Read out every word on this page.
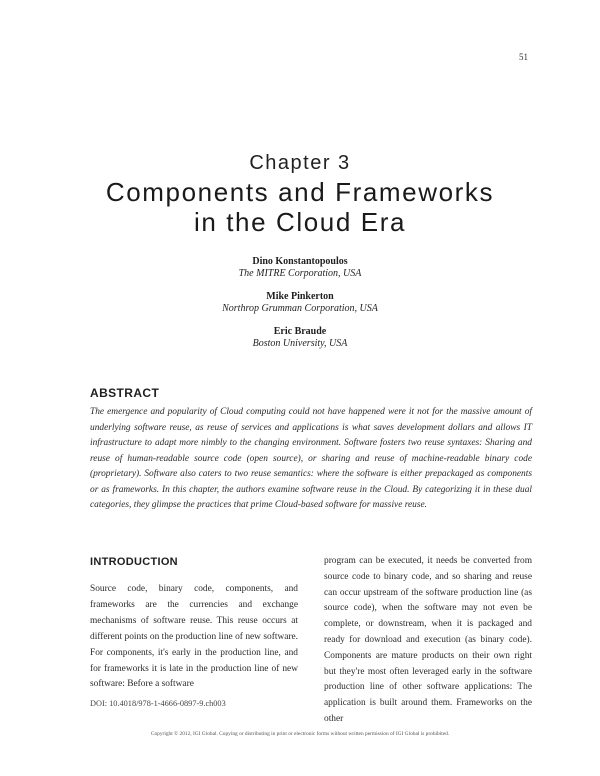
51
Chapter 3
Components and Frameworks
in the Cloud Era
Dino Konstantopoulos
The MITRE Corporation, USA
Mike Pinkerton
Northrop Grumman Corporation, USA
Eric Braude
Boston University, USA
ABSTRACT

The emergence and popularity of Cloud computing could not have happened were it not for the massive amount of underlying software reuse, as reuse of services and applications is what saves development dollars and allows IT infrastructure to adapt more nimbly to the changing environment. Software fosters two reuse syntaxes: Sharing and reuse of human-readable source code (open source), or sharing and reuse of machine-readable binary code (proprietary). Software also caters to two reuse semantics: where the software is either prepackaged as components or as frameworks. In this chapter, the authors examine software reuse in the Cloud. By categorizing it in these dual categories, they glimpse the practices that prime Cloud-based software for massive reuse.

INTRODUCTION

Source code, binary code, components, and frameworks are the currencies and exchange mechanisms of software reuse. This reuse occurs at different points on the production line of new software. For components, it's early in the production line, and for frameworks it is late in the production line of new software: Before a software

program can be executed, it needs be converted from source code to binary code, and so sharing and reuse can occur upstream of the software production line (as source code), when the software may not even be complete, or downstream, when it is packaged and ready for download and execution (as binary code). Components are mature products on their own right but they're most often leveraged early in the software production line of other software applications: The application is built around them. Frameworks on the other

DOI: 10.4018/978-1-4666-0897-9.ch003
Copyright © 2012, IGI Global. Copying or distributing in print or electronic forms without written permission of IGI Global is prohibited.
